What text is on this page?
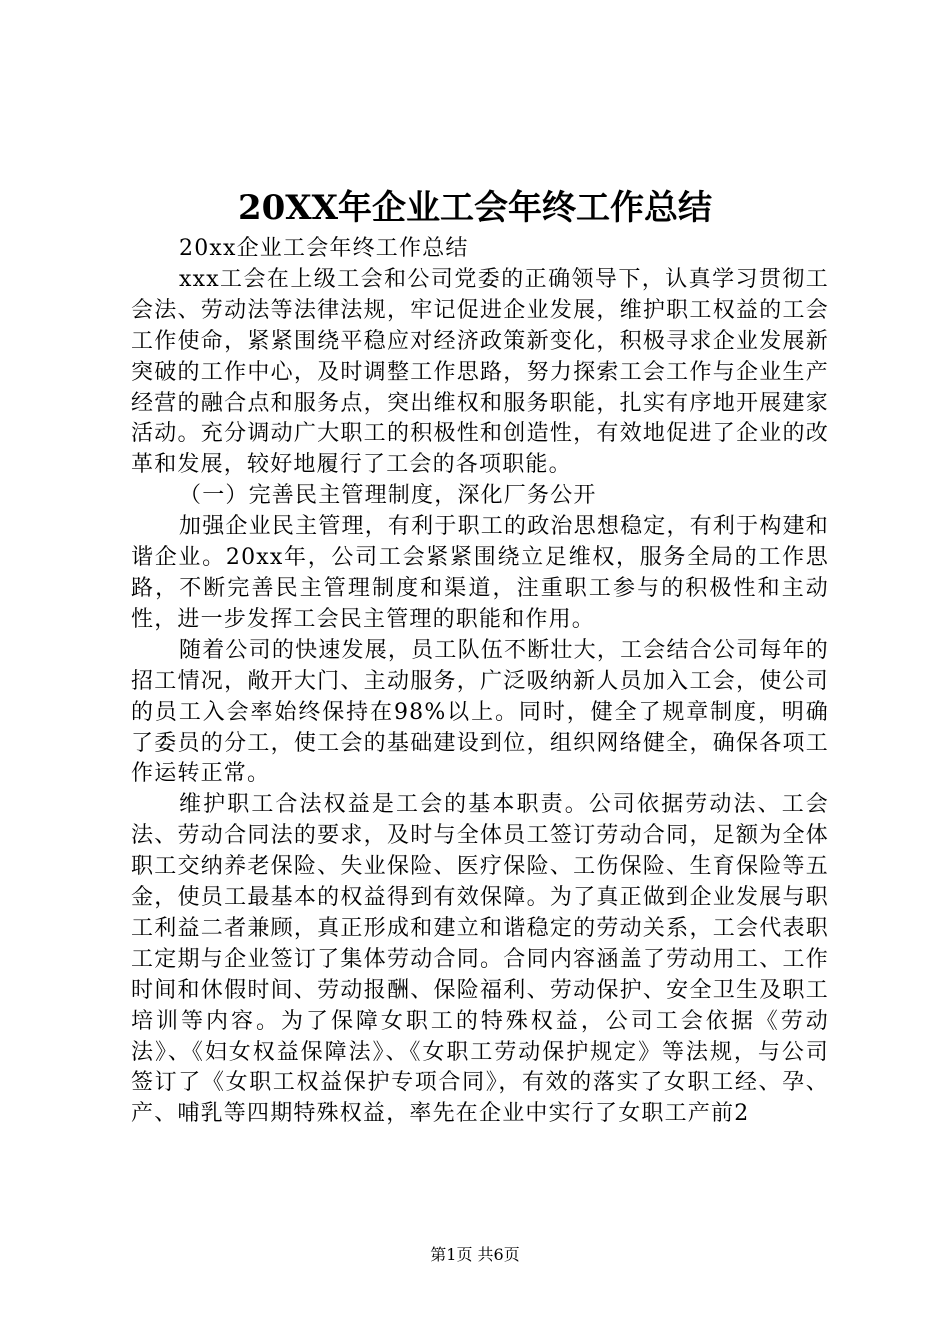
20XX年企业工会年终工作总结

20xx企业工会年终工作总结

xxx工会在上级工会和公司党委的正确领导下，认真学习贯彻工会法、劳动法等法律法规，牢记促进企业发展，维护职工权益的工会工作使命，紧紧围绕平稳应对经济政策新变化，积极寻求企业发展新突破的工作中心，及时调整工作思路，努力探索工会工作与企业生产经营的融合点和服务点，突出维权和服务职能，扎实有序地开展建家活动。充分调动广大职工的积极性和创造性，有效地促进了企业的改革和发展，较好地履行了工会的各项职能。

（一）完善民主管理制度，深化厂务公开

加强企业民主管理，有利于职工的政治思想稳定，有利于构建和谐企业。20xx年，公司工会紧紧围绕立足维权，服务全局的工作思路，不断完善民主管理制度和渠道，注重职工参与的积极性和主动性，进一步发挥工会民主管理的职能和作用。

随着公司的快速发展，员工队伍不断壮大，工会结合公司每年的招工情况，敞开大门、主动服务，广泛吸纳新人员加入工会，使公司的员工入会率始终保持在98%以上。同时，健全了规章制度，明确了委员的分工，使工会的基础建设到位，组织网络健全，确保各项工作运转正常。

维护职工合法权益是工会的基本职责。公司依据劳动法、工会法、劳动合同法的要求，及时与全体员工签订劳动合同，足额为全体职工交纳养老保险、失业保险、医疗保险、工伤保险、生育保险等五金，使员工最基本的权益得到有效保障。为了真正做到企业发展与职工利益二者兼顾，真正形成和建立和谐稳定的劳动关系，工会代表职工定期与企业签订了集体劳动合同。合同内容涵盖了劳动用工、工作时间和休假时间、劳动报酬、保险福利、劳动保护、安全卫生及职工培训等内容。为了保障女职工的特殊权益，公司工会依据《劳动法》、《妇女权益保障法》、《女职工劳动保护规定》等法规，与公司签订了《女职工权益保护专项合同》，有效的落实了女职工经、孕、产、哺乳等四期特殊权益，率先在企业中实行了女职工产前2

第1页 共6页
